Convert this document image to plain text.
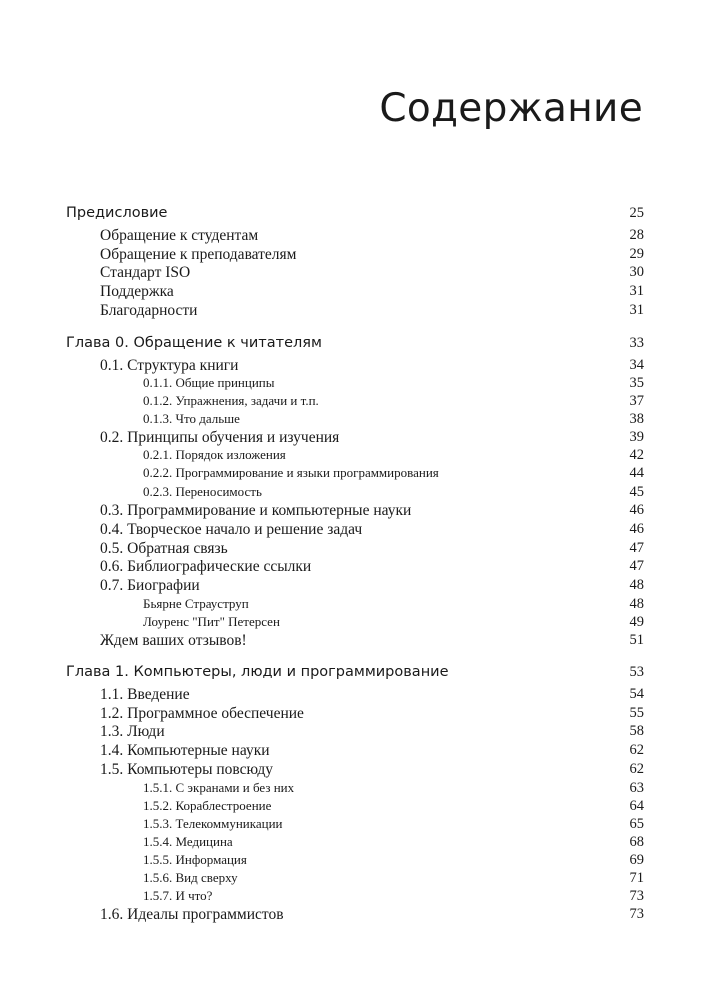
Содержание
Предисловие	25
Обращение к студентам	28
Обращение к преподавателям	29
Стандарт ISO	30
Поддержка	31
Благодарности	31
Глава 0. Обращение к читателям	33
0.1. Структура книги	34
0.1.1. Общие принципы	35
0.1.2. Упражнения, задачи и т.п.	37
0.1.3. Что дальше	38
0.2. Принципы обучения и изучения	39
0.2.1. Порядок изложения	42
0.2.2. Программирование и языки программирования	44
0.2.3. Переносимость	45
0.3. Программирование и компьютерные науки	46
0.4. Творческое начало и решение задач	46
0.5. Обратная связь	47
0.6. Библиографические ссылки	47
0.7. Биографии	48
Бьярне Страуструп	48
Лоуренс "Пит" Петерсен	49
Ждем ваших отзывов!	51
Глава 1. Компьютеры, люди и программирование	53
1.1. Введение	54
1.2. Программное обеспечение	55
1.3. Люди	58
1.4. Компьютерные науки	62
1.5. Компьютеры повсюду	62
1.5.1. С экранами и без них	63
1.5.2. Кораблестроение	64
1.5.3. Телекоммуникации	65
1.5.4. Медицина	68
1.5.5. Информация	69
1.5.6. Вид сверху	71
1.5.7. И что?	73
1.6. Идеалы программистов	73
